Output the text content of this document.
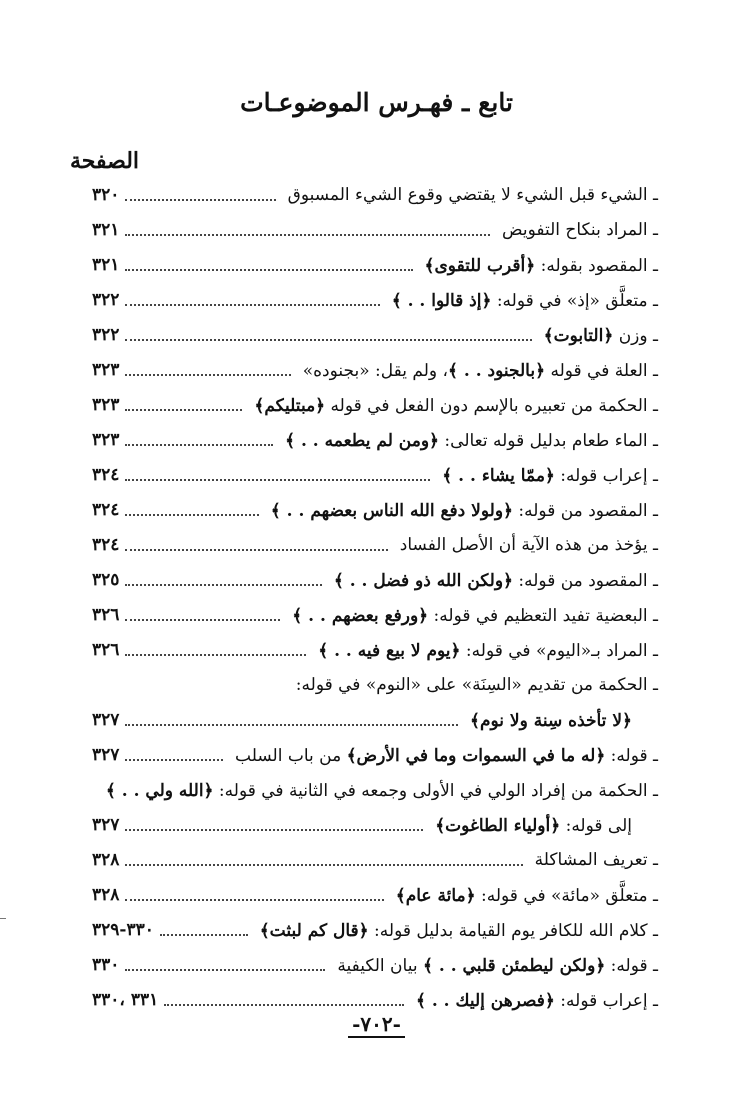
تابع ـ فهـرس الموضوعـات
الصفحة
ـ الشيء قبل الشيء لا يقتضي وقوع الشيء المسبوق
٣٢٠
ـ المراد بنكاح التفويض
٣٢١
ـ المقصود بقوله: ﴿أقرب للتقوى﴾
٣٢١
ـ متعلَّق «إذ» في قوله: ﴿إذ قالوا . . ﴾
٣٢٢
ـ وزن ﴿التابوت﴾
٣٢٢
ـ العلة في قوله ﴿بالجنود . . ﴾، ولم يقل: «بجنوده»
٣٢٣
ـ الحكمة من تعبيره بالإسم دون الفعل في قوله ﴿مبتليكم﴾
٣٢٣
ـ الماء طعام بدليل قوله تعالى: ﴿ومن لم يطعمه . . ﴾
٣٢٣
ـ إعراب قوله: ﴿ممّا يشاء . . ﴾
٣٢٤
ـ المقصود من قوله: ﴿ولولا دفع الله الناس بعضهم . . ﴾
٣٢٤
ـ يؤخذ من هذه الآية أن الأصل الفساد
٣٢٤
ـ المقصود من قوله: ﴿ولكن الله ذو فضل . . ﴾
٣٢٥
ـ البعضية تفيد التعظيم في قوله: ﴿ورفع بعضهم . . ﴾
٣٢٦
ـ المراد بـ«اليوم» في قوله: ﴿يوم لا بيع فيه . . ﴾
٣٢٦
ـ الحكمة من تقديم «السِنَة» على «النوم» في قوله:
﴿لا تأخذه سِنة ولا نوم﴾
٣٢٧
ـ قوله: ﴿له ما في السموات وما في الأرض﴾ من باب السلب
٣٢٧
ـ الحكمة من إفراد الولي في الأولى وجمعه في الثانية في قوله: ﴿الله ولي . . ﴾
إلى قوله: ﴿أولياء الطاغوت﴾
٣٢٧
ـ تعريف المشاكلة
٣٢٨
ـ متعلَّق «مائة» في قوله: ﴿مائة عام﴾
٣٢٨
ـ كلام الله للكافر يوم القيامة بدليل قوله: ﴿قال كم لبثت﴾
٣٣٠-٣٢٩
ـ قوله: ﴿ولكن ليطمئن قلبي . . ﴾ بيان الكيفية
٣٣٠
ـ إعراب قوله: ﴿فصرهن إليك . . ﴾
٣٣١ ،٣٣٠
-٧٠٢-
